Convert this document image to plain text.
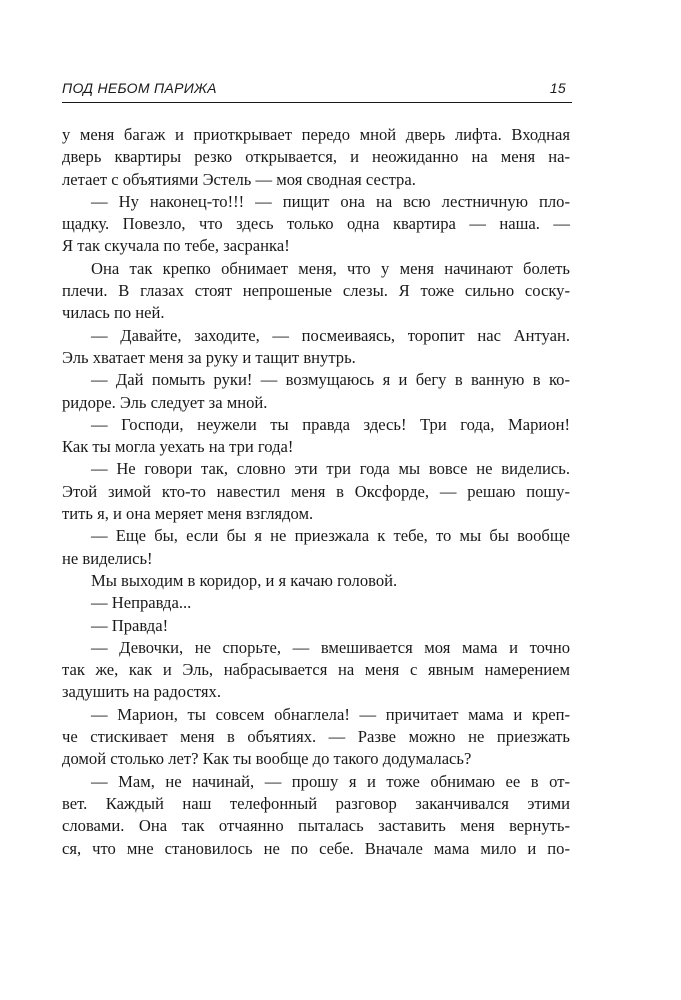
ПОД НЕБОМ ПАРИЖА	15
у меня багаж и приоткрывает передо мной дверь лифта. Входная
дверь квартиры резко открывается, и неожиданно на меня на-
летает с объятиями Эстель — моя сводная сестра.
— Ну наконец-то!!! — пищит она на всю лестничную пло-
щадку. Повезло, что здесь только одна квартира — наша. —
Я так скучала по тебе, засранка!
Она так крепко обнимает меня, что у меня начинают болеть
плечи. В глазах стоят непрошеные слезы. Я тоже сильно соску-
чилась по ней.
— Давайте, заходите, — посмеиваясь, торопит нас Антуан.
Эль хватает меня за руку и тащит внутрь.
— Дай помыть руки! — возмущаюсь я и бегу в ванную в ко-
ридоре. Эль следует за мной.
— Господи, неужели ты правда здесь! Три года, Марион!
Как ты могла уехать на три года!
— Не говори так, словно эти три года мы вовсе не виделись.
Этой зимой кто-то навестил меня в Оксфорде, — решаю пошу-
тить я, и она меряет меня взглядом.
— Еще бы, если бы я не приезжала к тебе, то мы бы вообще
не виделись!
Мы выходим в коридор, и я качаю головой.
— Неправда...
— Правда!
— Девочки, не спорьте, — вмешивается моя мама и точно
так же, как и Эль, набрасывается на меня с явным намерением
задушить на радостях.
— Марион, ты совсем обнаглела! — причитает мама и креп-
че стискивает меня в объятиях. — Разве можно не приезжать
домой столько лет? Как ты вообще до такого додумалась?
— Мам, не начинай, — прошу я и тоже обнимаю ее в от-
вет. Каждый наш телефонный разговор заканчивался этими
словами. Она так отчаянно пыталась заставить меня вернуть-
ся, что мне становилось не по себе. Вначале мама мило и по-
